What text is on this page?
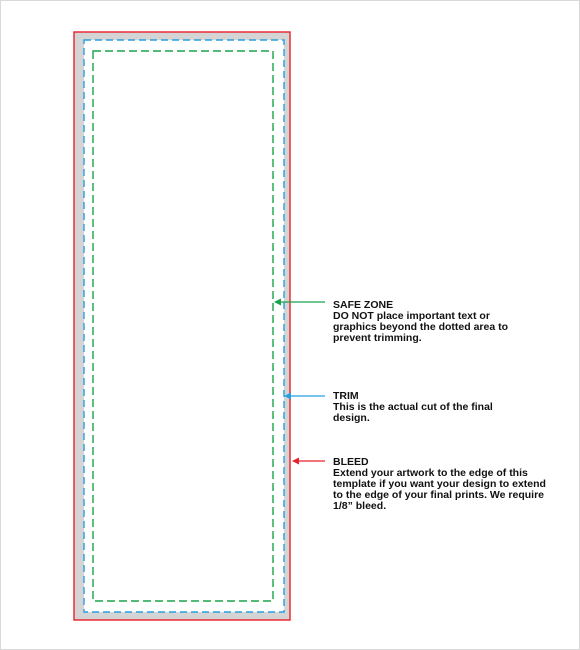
SAFE ZONE
DO NOT place important text or graphics beyond the dotted area to prevent trimming.
TRIM
This is the actual cut of the final design.
BLEED
Extend your artwork to the edge of this template if you want your design to extend to the edge of your final prints. We require 1/8” bleed.
